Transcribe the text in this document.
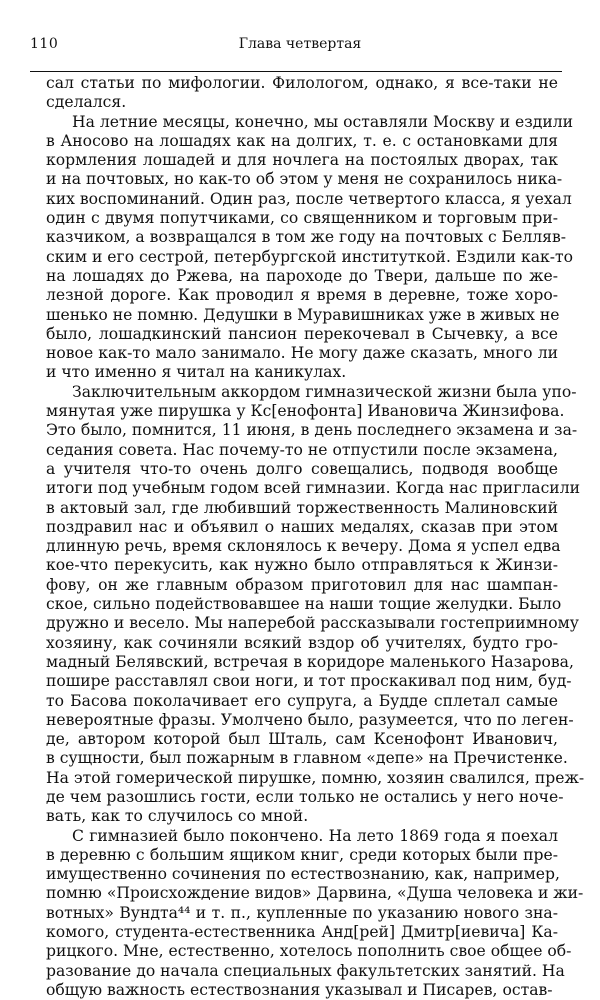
110	Глава четвертая
сал статьи по мифологии. Филологом, однако, я все-таки не
сделался.
На летние месяцы, конечно, мы оставляли Москву и ездили
в Аносово на лошадях как на долгих, т. е. с остановками для
кормления лошадей и для ночлега на постоялых дворах, так
и на почтовых, но как-то об этом у меня не сохранилось ника-
ких воспоминаний. Один раз, после четвертого класса, я уехал
один с двумя попутчиками, со священником и торговым при-
казчиком, а возвращался в том же году на почтовых с Белляв-
ским и его сестрой, петербургской институткой. Ездили как-то
на лошадях до Ржева, на пароходе до Твери, дальше по же-
лезной дороге. Как проводил я время в деревне, тоже хоро-
шенько не помню. Дедушки в Муравишниках уже в живых не
было, лошадкинский пансион перекочевал в Сычевку, а все
новое как-то мало занимало. Не могу даже сказать, много ли
и что именно я читал на каникулах.
Заключительным аккордом гимназической жизни была упо-
мянутая уже пирушка у Кс[енофонта] Ивановича Жинзифова.
Это было, помнится, 11 июня, в день последнего экзамена и за-
седания совета. Нас почему-то не отпустили после экзамена,
а учителя что-то очень долго совещались, подводя вообще
итоги под учебным годом всей гимназии. Когда нас пригласили
в актовый зал, где любивший торжественность Малиновский
поздравил нас и объявил о наших медалях, сказав при этом
длинную речь, время склонялось к вечеру. Дома я успел едва
кое-что перекусить, как нужно было отправляться к Жинзи-
фову, он же главным образом приготовил для нас шампан-
ское, сильно подействовавшее на наши тощие желудки. Было
дружно и весело. Мы наперебой рассказывали гостеприимному
хозяину, как сочиняли всякий вздор об учителях, будто гро-
мадный Белявский, встречая в коридоре маленького Назарова,
пошире расставлял свои ноги, и тот проскакивал под ним, буд-
то Басова поколачивает его супруга, а Будде сплетал самые
невероятные фразы. Умолчено было, разумеется, что по леген-
де, автором которой был Шталь, сам Ксенофонт Иванович,
в сущности, был пожарным в главном «депе» на Пречистенке.
На этой гомерической пирушке, помню, хозяин свалился, преж-
де чем разошлись гости, если только не остались у него ночe-
вать, как то случилось со мной.
С гимназией было покончено. На лето 1869 года я поехал
в деревню с большим ящиком книг, среди которых были пре-
имущественно сочинения по естествознанию, как, например,
помню «Происхождение видов» Дарвина, «Душа человека и жи-
вотных» Вундта⁴⁴ и т. п., купленные по указанию нового зна-
комого, студента-естественника Анд[рей] Дмитр[иевича] Ка-
рицкого. Мне, естественно, хотелось пополнить свое общее об-
разование до начала специальных факультетских занятий. На
общую важность естествознания указывал и Писарев, остав-
